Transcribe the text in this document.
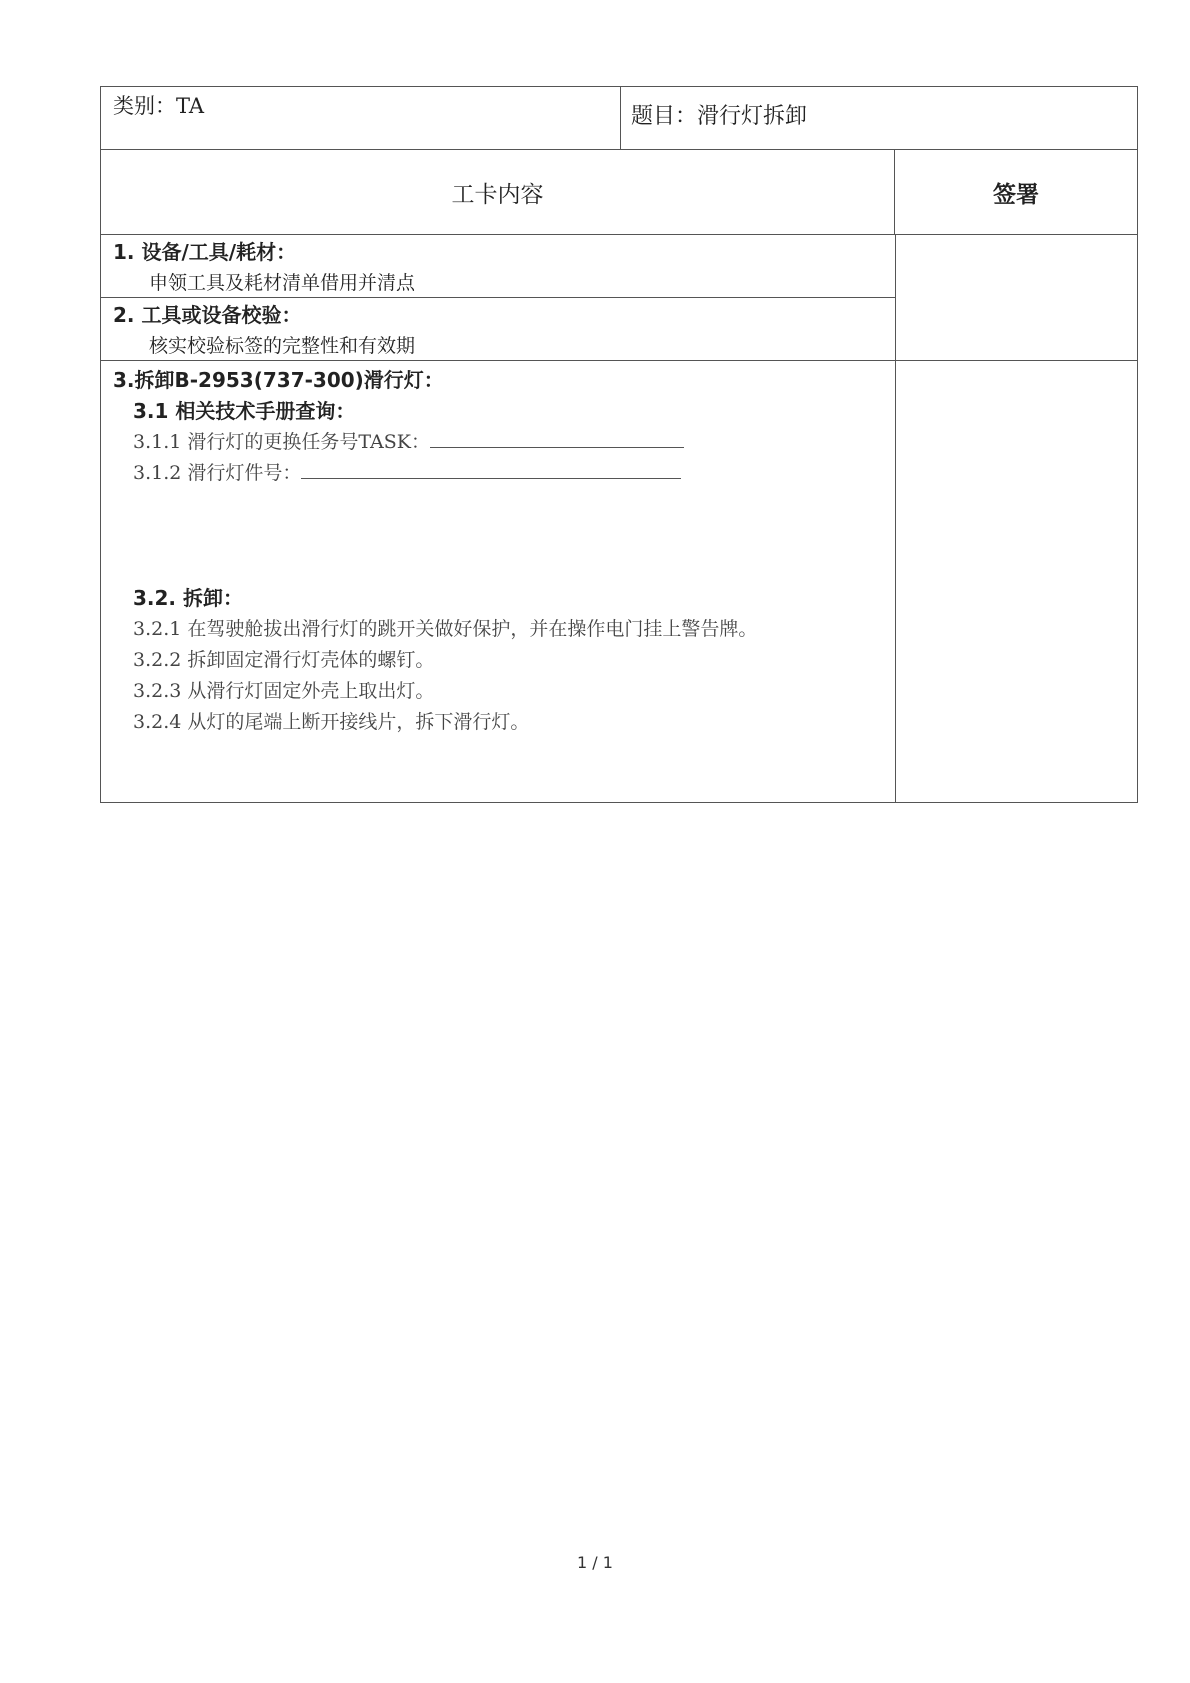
类别：TA	题目：滑行灯拆卸
工卡内容	签署
1. 设备/工具/耗材：
申领工具及耗材清单借用并清点
2. 工具或设备校验：
核实校验标签的完整性和有效期
3.拆卸B-2953(737-300)滑行灯：
3.1 相关技术手册查询：
3.1.1 滑行灯的更换任务号TASK：
3.1.2 滑行灯件号：
3.2. 拆卸：
3.2.1 在驾驶舱拔出滑行灯的跳开关做好保护，并在操作电门挂上警告牌。
3.2.2 拆卸固定滑行灯壳体的螺钉。
3.2.3 从滑行灯固定外壳上取出灯。
3.2.4 从灯的尾端上断开接线片，拆下滑行灯。
1 / 1
